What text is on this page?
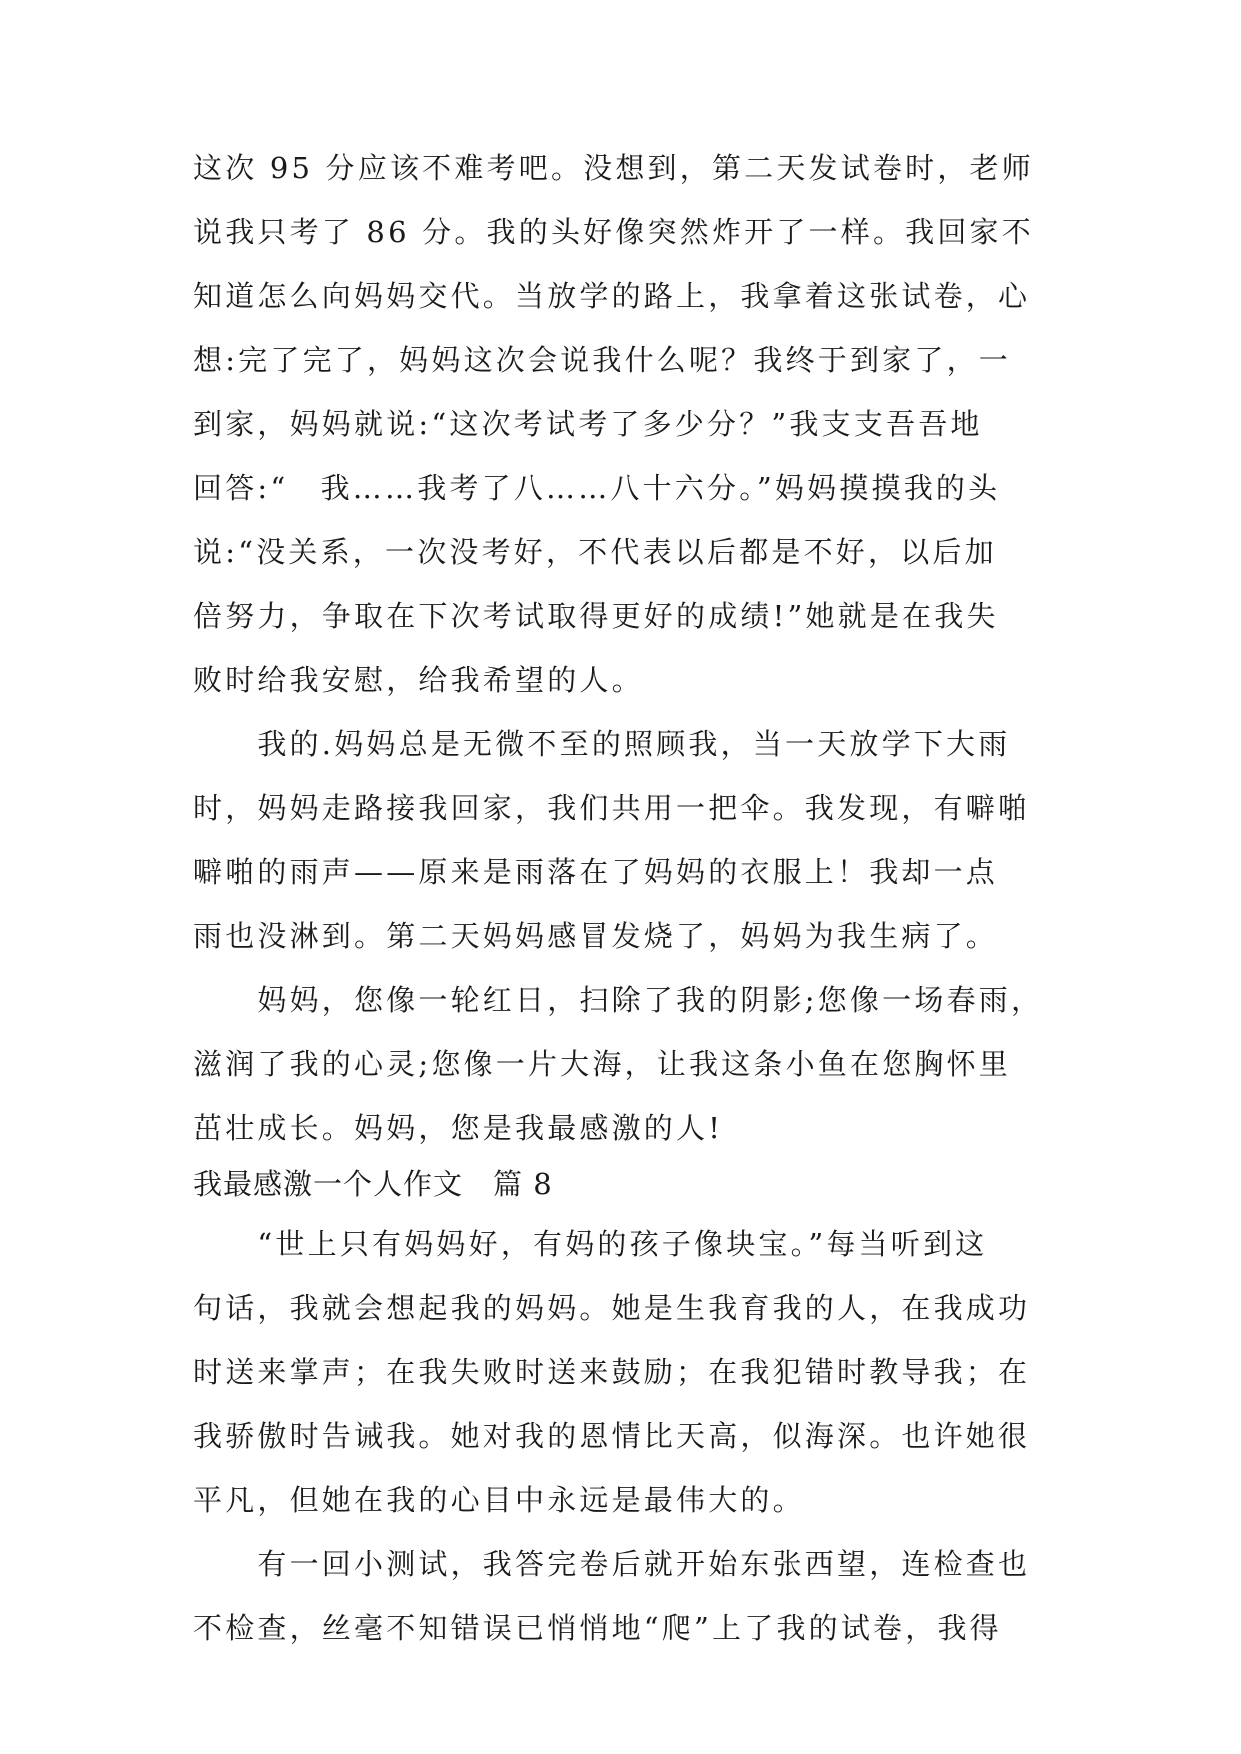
这次 95 分应该不难考吧。没想到，第二天发试卷时，老师
说我只考了 86 分。我的头好像突然炸开了一样。我回家不
知道怎么向妈妈交代。当放学的路上，我拿着这张试卷，心
想:完了完了，妈妈这次会说我什么呢？我终于到家了，一
到家，妈妈就说:“这次考试考了多少分？”我支支吾吾地
回答:“　我……我考了八……八十六分。”妈妈摸摸我的头
说:“没关系，一次没考好，不代表以后都是不好，以后加
倍努力，争取在下次考试取得更好的成绩!”她就是在我失
败时给我安慰，给我希望的人。
　　我的.妈妈总是无微不至的照顾我，当一天放学下大雨
时，妈妈走路接我回家，我们共用一把伞。我发现，有噼啪
噼啪的雨声——原来是雨落在了妈妈的衣服上！我却一点
雨也没淋到。第二天妈妈感冒发烧了，妈妈为我生病了。
　　妈妈，您像一轮红日，扫除了我的阴影;您像一场春雨，
滋润了我的心灵;您像一片大海，让我这条小鱼在您胸怀里
茁壮成长。妈妈，您是我最感激的人!
我最感激一个人作文　篇 8
　　“世上只有妈妈好，有妈的孩子像块宝。”每当听到这
句话，我就会想起我的妈妈。她是生我育我的人，在我成功
时送来掌声；在我失败时送来鼓励；在我犯错时教导我；在
我骄傲时告诫我。她对我的恩情比天高，似海深。也许她很
平凡，但她在我的心目中永远是最伟大的。
　　有一回小测试，我答完卷后就开始东张西望，连检查也
不检查，丝毫不知错误已悄悄地“爬”上了我的试卷，我得
